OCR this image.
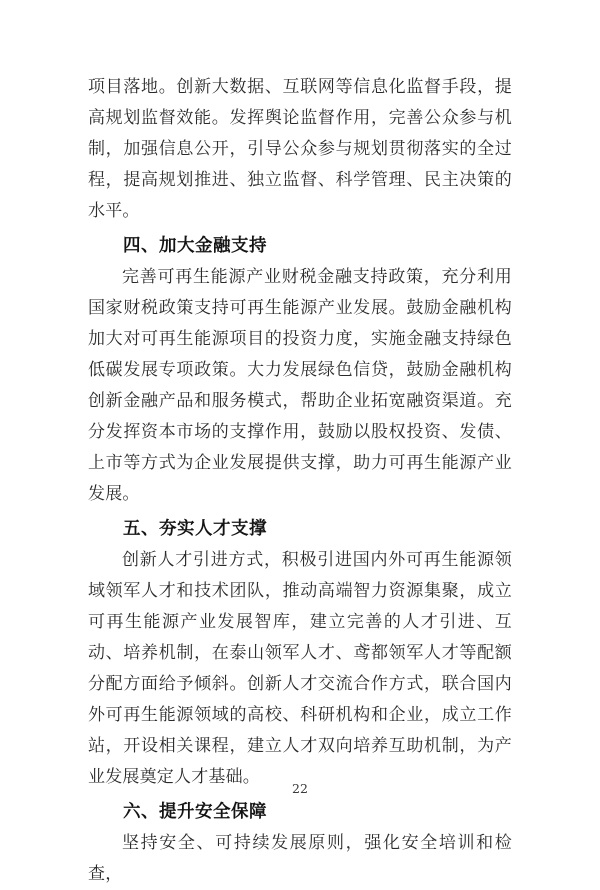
项目落地。创新大数据、互联网等信息化监督手段，提高规划监督效能。发挥舆论监督作用，完善公众参与机制，加强信息公开，引导公众参与规划贯彻落实的全过程，提高规划推进、独立监督、科学管理、民主决策的水平。

四、加大金融支持

完善可再生能源产业财税金融支持政策，充分利用国家财税政策支持可再生能源产业发展。鼓励金融机构加大对可再生能源项目的投资力度，实施金融支持绿色低碳发展专项政策。大力发展绿色信贷，鼓励金融机构创新金融产品和服务模式，帮助企业拓宽融资渠道。充分发挥资本市场的支撑作用，鼓励以股权投资、发债、上市等方式为企业发展提供支撑，助力可再生能源产业发展。

五、夯实人才支撑

创新人才引进方式，积极引进国内外可再生能源领域领军人才和技术团队，推动高端智力资源集聚，成立可再生能源产业发展智库，建立完善的人才引进、互动、培养机制，在泰山领军人才、鸢都领军人才等配额分配方面给予倾斜。创新人才交流合作方式，联合国内外可再生能源领域的高校、科研机构和企业，成立工作站，开设相关课程，建立人才双向培养互助机制，为产业发展奠定人才基础。

六、提升安全保障

坚持安全、可持续发展原则，强化安全培训和检查，

22
